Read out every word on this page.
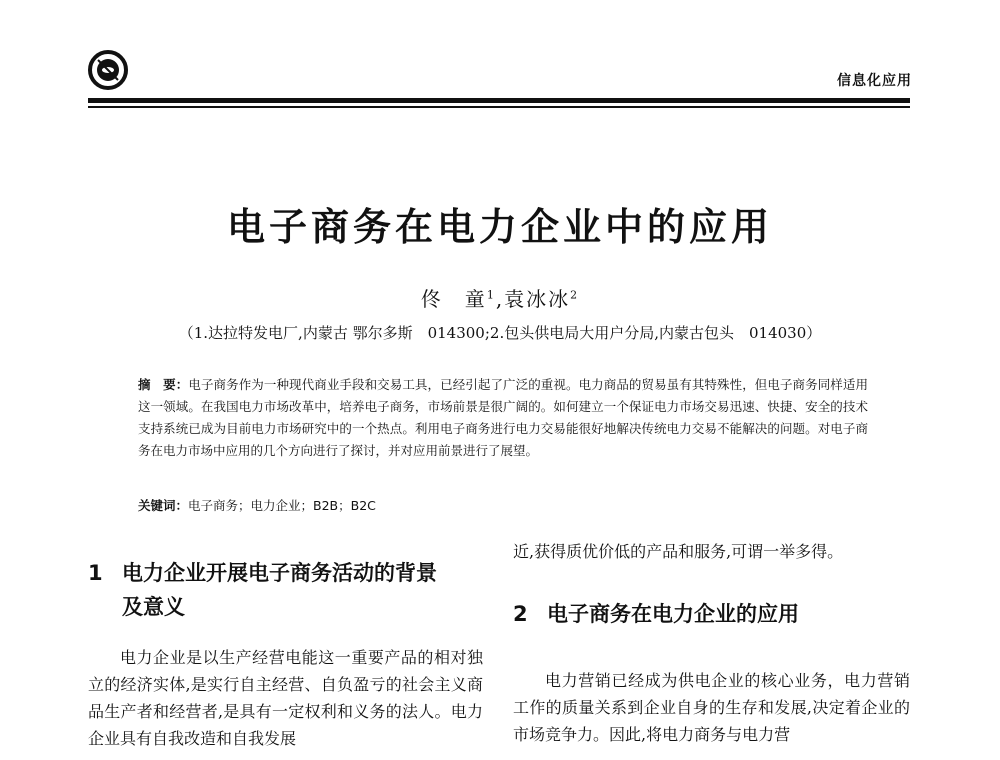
信息化应用
电子商务在电力企业中的应用
佟　童$^1$,袁冰冰$^2$
（1.达拉特发电厂,内蒙古 鄂尔多斯　014300;2.包头供电局大用户分局,内蒙古包头　014030）
摘　要：电子商务作为一种现代商业手段和交易工具，已经引起了广泛的重视。电力商品的贸易虽有其特殊性，但电子商务同样适用这一领域。在我国电力市场改革中，培养电子商务，市场前景是很广阔的。如何建立一个保证电力市场交易迅速、快捷、安全的技术支持系统已成为目前电力市场研究中的一个热点。利用电子商务进行电力交易能很好地解决传统电力交易不能解决的问题。对电子商务在电力市场中应用的几个方向进行了探讨，并对应用前景进行了展望。
关键词：电子商务；电力企业；B2B；B2C
1 电力企业开展电子商务活动的背景
及意义
电力企业是以生产经营电能这一重要产品的相对独立的经济实体,是实行自主经营、自负盈亏的社会主义商品生产者和经营者,是具有一定权利和义务的法人。电力企业具有自我改造和自我发展
近,获得质优价低的产品和服务,可谓一举多得。
2 电子商务在电力企业的应用
电力营销已经成为供电企业的核心业务，电力营销工作的质量关系到企业自身的生存和发展,决定着企业的市场竞争力。因此,将电力商务与电力营
